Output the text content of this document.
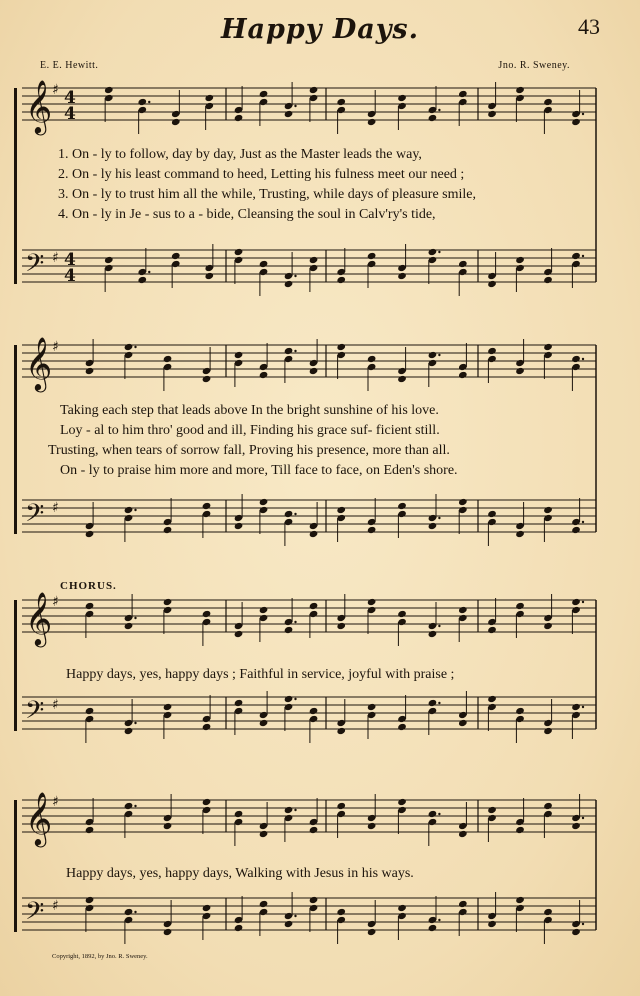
Happy Days.	43
E. E. Hewitt.	Jno. R. Sweney.
𝄞 ♯ 4
4
𝄢 ♯ 4
4
𝄞 ♯
𝄢 ♯
𝄞 ♯
𝄢 ♯
𝄞 ♯
𝄢 ♯
1. On - ly to follow, day by day, Just as the Master leads the way,
2. On - ly his least command to heed, Letting his fulness meet our need ;
3. On - ly to trust him all the while, Trusting, while days of pleasure smile,
4. On - ly in Je - sus to a - bide, Cleansing the soul in Calv'ry's tide,
Taking each step that leads above In the bright sunshine of his love.
Loy - al to him thro' good and ill, Finding his grace suf- ficient still.
Trusting, when tears of sorrow fall, Proving his presence, more than all.
On - ly to praise him more and more, Till face to face, on Eden's shore.
CHORUS.
Happy days, yes, happy days ; Faithful in service, joyful with praise ;
Happy days, yes, happy days, Walking with Jesus in his ways.
Copyright, 1892, by Jno. R. Sweney.
